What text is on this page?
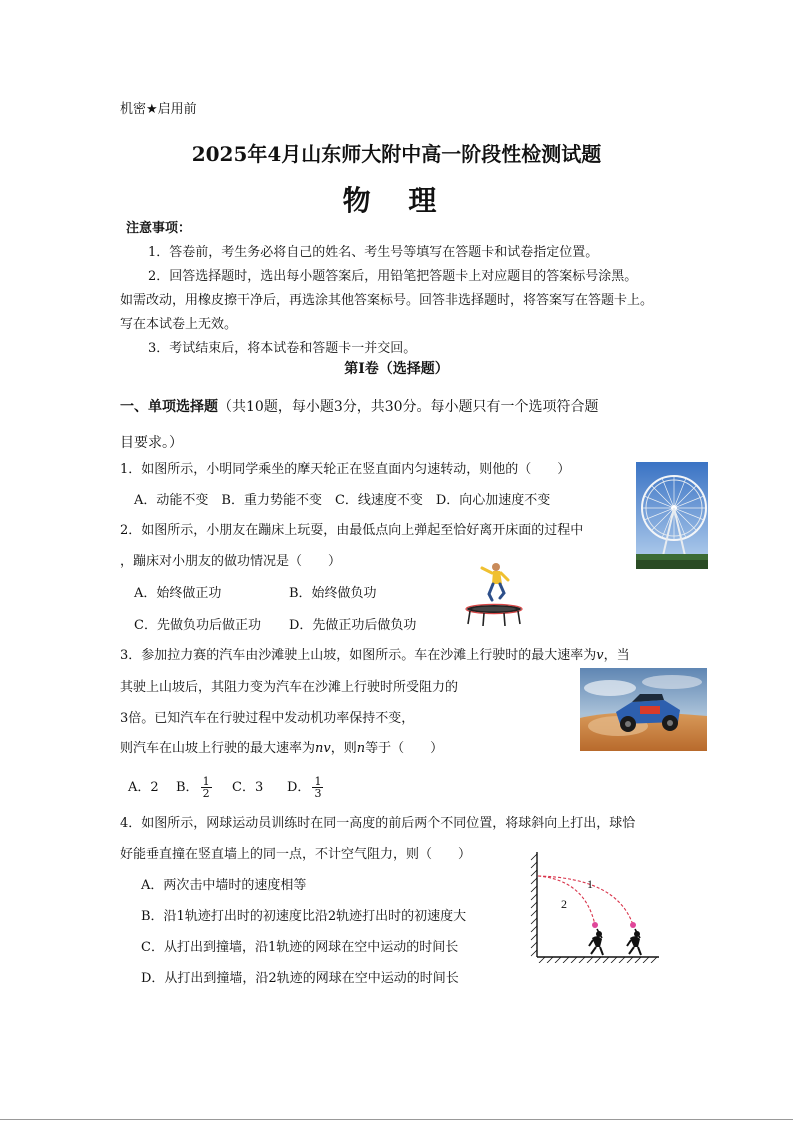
机密★启用前
2025年4月山东师大附中高一阶段性检测试题
物 理
注意事项：
1．答卷前，考生务必将自己的姓名、考生号等填写在答题卡和试卷指定位置。
2．回答选择题时，选出每小题答案后，用铅笔把答题卡上对应题目的答案标号涂黑。
如需改动，用橡皮擦干净后，再选涂其他答案标号。回答非选择题时，将答案写在答题卡上。
写在本试卷上无效。
3．考试结束后，将本试卷和答题卡一并交回。
第Ⅰ卷（选择题）
一、单项选择题（共10题，每小题3分，共30分。每小题只有一个选项符合题
目要求。）
1．如图所示，小明同学乘坐的摩天轮正在竖直面内匀速转动，则他的（　　）
A．动能不变　B．重力势能不变　C．线速度不变　D．向心加速度不变
2．如图所示，小朋友在蹦床上玩耍，由最低点向上弹起至恰好离开床面的过程中
，蹦床对小朋友的做功情况是（　　）
A．始终做正功	B．始终做负功
C．先做负功后做正功 D．先做正功后做负功
3．参加拉力赛的汽车由沙滩驶上山坡，如图所示。车在沙滩上行驶时的最大速率为v，当
其驶上山坡后，其阻力变为汽车在沙滩上行驶时所受阻力的
3倍。已知汽车在行驶过程中发动机功率保持不变，
则汽车在山坡上行驶的最大速率为nv，则n等于（　　）
A．2 B． $\frac{1}{2}$ C．3 D． $\frac{1}{3}$
4．如图所示，网球运动员训练时在同一高度的前后两个不同位置，将球斜向上打出，球恰
好能垂直撞在竖直墙上的同一点，不计空气阻力，则（　　）
A．两次击中墙时的速度相等
B．沿1轨迹打出时的初速度比沿2轨迹打出时的初速度大
C．从打出到撞墙，沿1轨迹的网球在空中运动的时间长
D．从打出到撞墙，沿2轨迹的网球在空中运动的时间长
1
2
